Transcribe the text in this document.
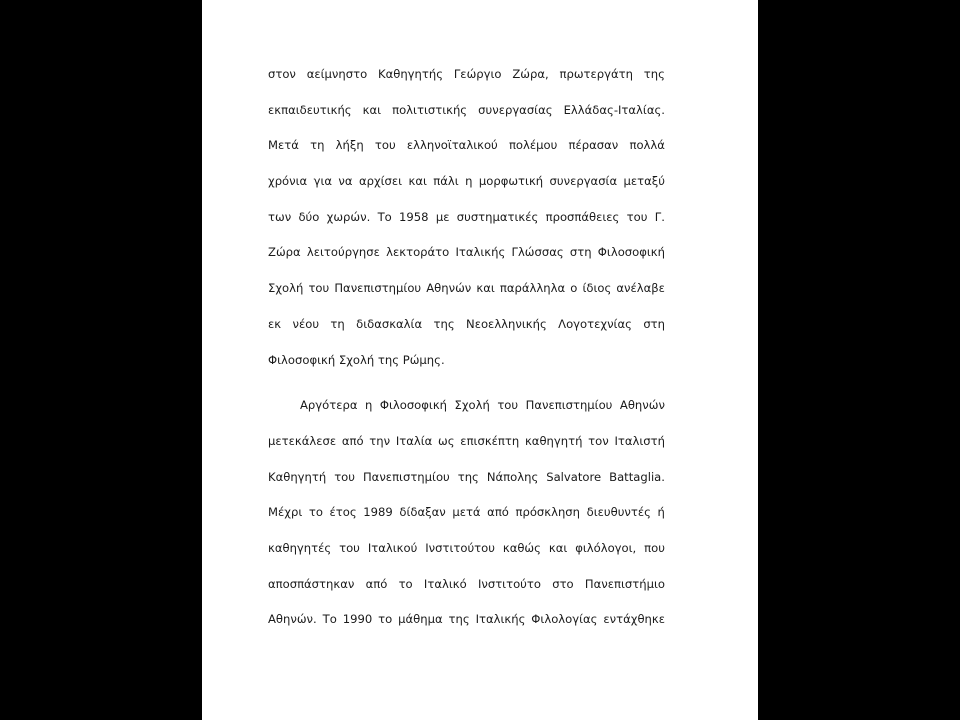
στον αείμνηστο Καθηγητής Γεώργιο Ζώρα, πρωτεργάτη της
εκπαιδευτικής και πολιτιστικής συνεργασίας Ελλάδας-Ιταλίας.
Μετά τη λήξη του ελληνοϊταλικού πολέμου πέρασαν πολλά
χρόνια για να αρχίσει και πάλι η μορφωτική συνεργασία μεταξύ
των δύο χωρών. Το 1958 με συστηματικές προσπάθειες του Γ.
Ζώρα λειτούργησε λεκτοράτο Ιταλικής Γλώσσας στη Φιλοσοφική
Σχολή του Πανεπιστημίου Αθηνών και παράλληλα ο ίδιος ανέλαβε
εκ νέου τη διδασκαλία της Νεοελληνικής Λογοτεχνίας στη
Φιλοσοφική Σχολή της Ρώμης.
Αργότερα η Φιλοσοφική Σχολή του Πανεπιστημίου Αθηνών
μετεκάλεσε από την Ιταλία ως επισκέπτη καθηγητή τον Ιταλιστή
Καθηγητή του Πανεπιστημίου της Νάπολης Salvatore Battaglia.
Μέχρι το έτος 1989 δίδαξαν μετά από πρόσκληση διευθυντές ή
καθηγητές του Ιταλικού Ινστιτούτου καθώς και φιλόλογοι, που
αποσπάστηκαν από το Ιταλικό Ινστιτούτο στο Πανεπιστήμιο
Αθηνών. Το 1990 το μάθημα της Ιταλικής Φιλολογίας εντάχθηκε
